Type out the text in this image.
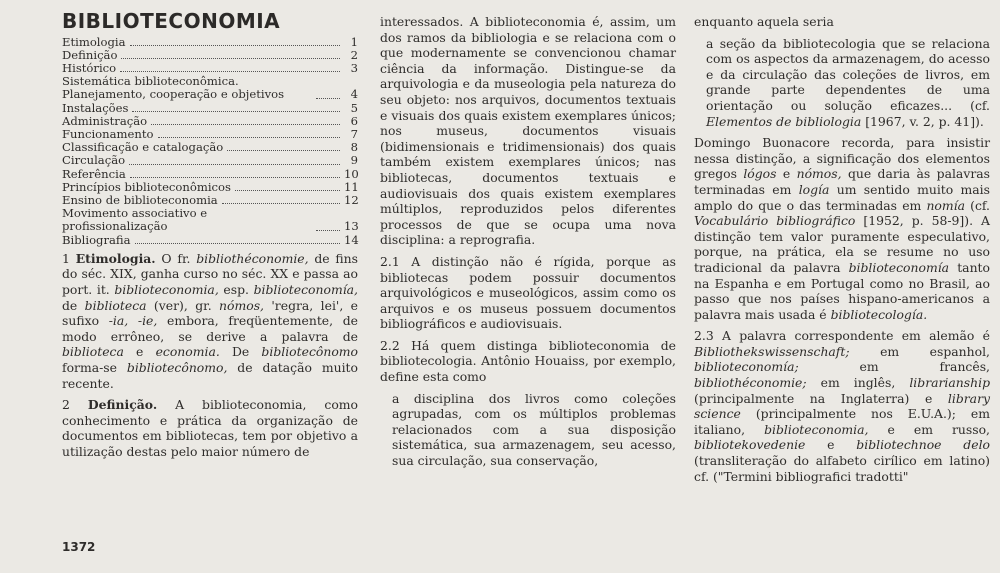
BIBLIOTECONOMIA
Etimologia	1
Definição	2
Histórico	3
Sistemática biblioteconômica. Planejamento, cooperação e objetivos	4
Instalações	5
Administração	6
Funcionamento	7
Classificação e catalogação	8
Circulação	9
Referência	10
Princípios biblioteconômicos	11
Ensino de biblioteconomia	12
Movimento associativo e profissionalização	13
Bibliografia	14

1 Etimologia. O fr. bibliothéconomie, de fins do séc. XIX, ganha curso no séc. XX e passa ao port. it. biblioteconomia, esp. biblioteconomía, de biblioteca (ver), gr. nómos, 'regra, lei', e sufixo -ia, -ie, embora, freqüentemente, de modo errôneo, se derive a palavra de biblioteca e economia. De bibliotecônomo forma-se bibliotecônomo, de datação muito recente.

2 Definição. A biblioteconomia, como conhecimento e prática da organização de documentos em bibliotecas, tem por objetivo a utilização destas pelo maior número de

1372

interessados. A biblioteconomia é, assim, um dos ramos da bibliologia e se relaciona com o que modernamente se convencionou chamar ciência da informação. Distingue-se da arquivologia e da museologia pela natureza do seu objeto: nos arquivos, documentos textuais e visuais dos quais existem exemplares únicos; nos museus, documentos visuais (bidimensionais e tridimensionais) dos quais também existem exemplares únicos; nas bibliotecas, documentos textuais e audiovisuais dos quais existem exemplares múltiplos, reproduzidos pelos diferentes processos de que se ocupa uma nova disciplina: a reprografia.

2.1 A distinção não é rígida, porque as bibliotecas podem possuir documentos arquivológicos e museológicos, assim como os arquivos e os museus possuem documentos bibliográficos e audiovisuais.

2.2 Há quem distinga biblioteconomia de bibliotecologia. Antônio Houaiss, por exemplo, define esta como

a disciplina dos livros como coleções agrupadas, com os múltiplos problemas relacionados com a sua disposição sistemática, sua armazenagem, seu acesso, sua circulação, sua conservação,

enquanto aquela seria

a seção da bibliotecologia que se relaciona com os aspectos da armazenagem, do acesso e da circulação das coleções de livros, em grande parte dependentes de uma orientação ou solução eficazes... (cf. Elementos de bibliologia [1967, v. 2, p. 41]).

Domingo Buonacore recorda, para insistir nessa distinção, a significação dos elementos gregos lógos e nómos, que daria às palavras terminadas em logía um sentido muito mais amplo do que o das terminadas em nomía (cf. Vocabulário bibliográfico [1952, p. 58-9]). A distinção tem valor puramente especulativo, porque, na prática, ela se resume no uso tradicional da palavra biblioteconomía tanto na Espanha e em Portugal como no Brasil, ao passo que nos países hispano-americanos a palavra mais usada é bibliotecología.

2.3 A palavra correspondente em alemão é Bibliothekswissenschaft; em espanhol, biblioteconomía; em francês, bibliothéconomie; em inglês, librarianship (principalmente na Inglaterra) e library science (principalmente nos E.U.A.); em italiano, biblioteconomia, e em russo, bibliotekovedenie e bibliotechnoe delo (transliteração do alfabeto cirílico em latino) cf. ("Termini bibliografici tradotti"
